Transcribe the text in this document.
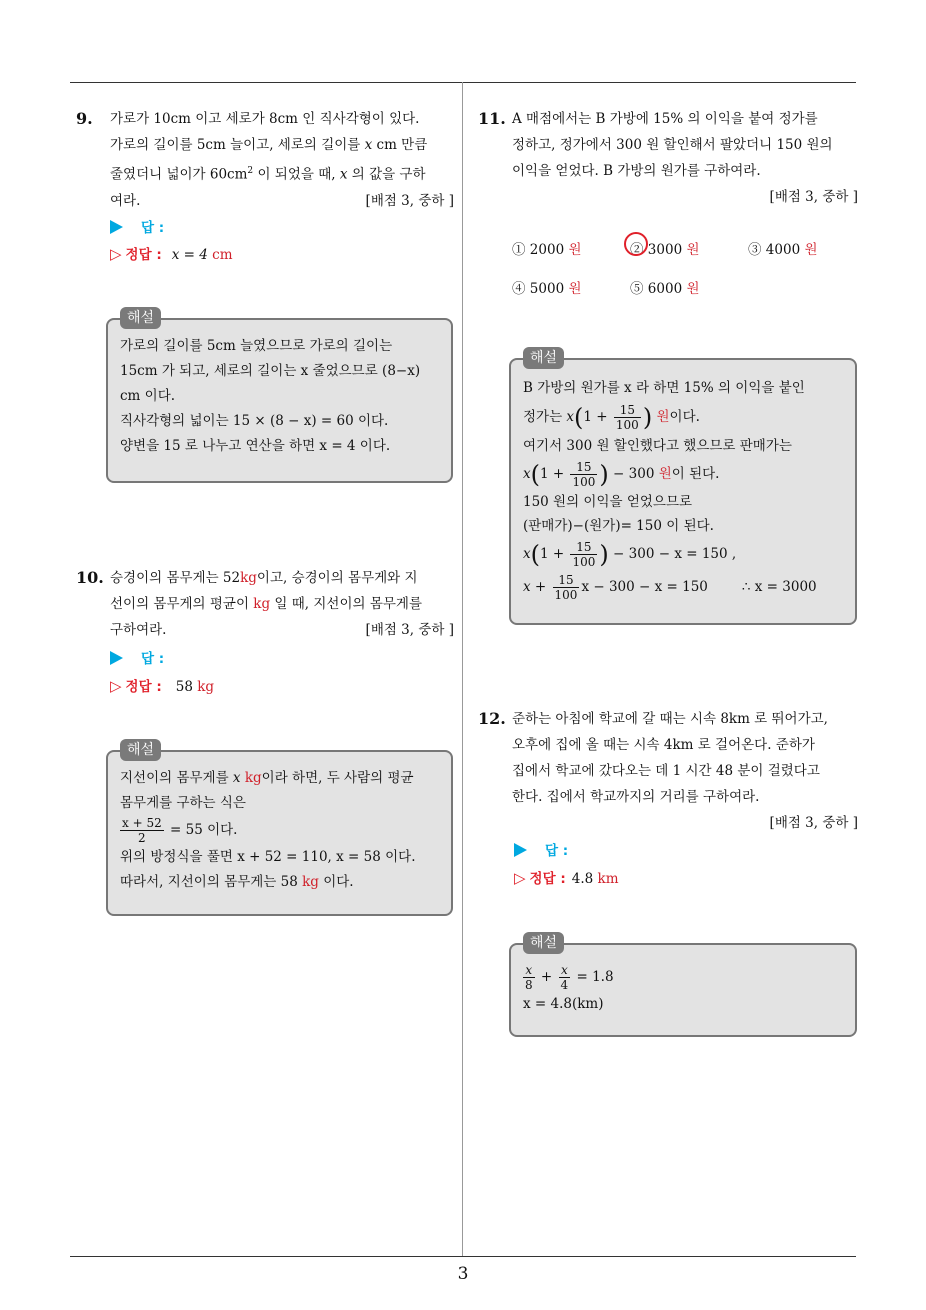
9. 가로가 10cm 이고 세로가 8cm 인 직사각형이 있다.
가로의 길이를 5cm 늘이고, 세로의 길이를 x cm 만큼
줄였더니 넓이가 $60cm^2$ 이 되었을 때, x 의 값을 구하
여라.	[배점 3, 중하 ]
답 :
▷ 정답 : x = 4 cm
해설
가로의 길이를 5cm 늘였으므로 가로의 길이는
15cm 가 되고, 세로의 길이는 x 줄었으므로 (8−x)
cm 이다.
직사각형의 넓이는 15 × (8 − x) = 60 이다.
양변을 15 로 나누고 연산을 하면 x = 4 이다.
10. 승경이의 몸무게는 52kg이고, 승경이의 몸무게와 지
선이의 몸무게의 평균이 kg 일 때, 지선이의 몸무게를
구하여라.	[배점 3, 중하 ]
답 :
▷ 정답 : 58 kg
해설
지선이의 몸무게를 x kg이라 하면, 두 사람의 평균
몸무게를 구하는 식은
$\frac{x + 52}{2} = 55$ 이다.
위의 방정식을 풀면 x + 52 = 110, x = 58 이다.
따라서, 지선이의 몸무게는 58 kg 이다.
11. A 매점에서는 B 가방에 15% 의 이익을 붙여 정가를
정하고, 정가에서 300 원 할인해서 팔았더니 150 원의
이익을 얻었다. B 가방의 원가를 구하여라.

[배점 3, 중하 ]
① 2000 원	② 3000 원	③ 4000 원
④ 5000 원	⑤ 6000 원
해설
B 가방의 원가를 x 라 하면 15% 의 이익을 붙인
정가는 $x(1 + \frac{15}{100}$ ) 원이다.
여기서 300 원 할인했다고 했으므로 판매가는
$x(1 + \frac{15}{100}$ ) − 300 원이 된다.
150 원의 이익을 얻었으므로
(판매가)−(원가)= 150 이 된다.
$x(1 + \frac{15}{100}$ ) − 300 − x = 150 ,
$x + \frac{15}{100}$ x − 300 − x = 150	∴ x = 3000
12. 준하는 아침에 학교에 갈 때는 시속 8km 로 뛰어가고,
오후에 집에 올 때는 시속 4km 로 걸어온다. 준하가
집에서 학교에 갔다오는 데 1 시간 48 분이 걸렸다고
한다. 집에서 학교까지의 거리를 구하여라.

[배점 3, 중하 ]
답 :
▷ 정답 : 4.8 km
해설
$\frac{x}{8} + \frac{x}{4} = 1.8$
x = 4.8(km)
3
